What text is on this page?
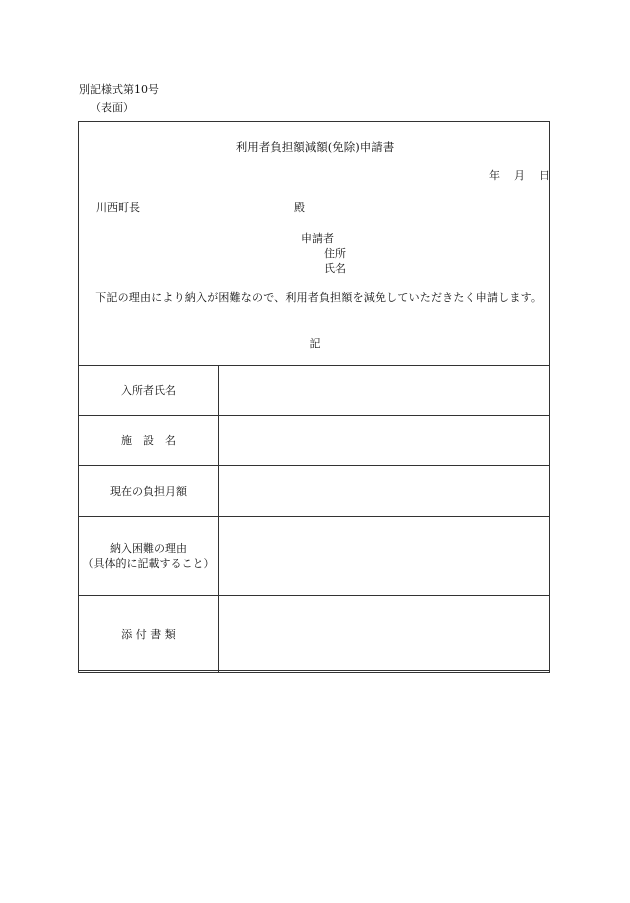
別記様式第10号
（表面）
利用者負担額減額(免除)申請書
年 月 日
川西町長	殿
申請者
住所
氏名
　下記の理由により納入が困難なので、利用者負担額を減免していただきたく申請します。
記
入所者氏名	
施　設　名	
現在の負担月額	

納入困難の理由
（具体的に記載すること）	

添 付 書 類	
